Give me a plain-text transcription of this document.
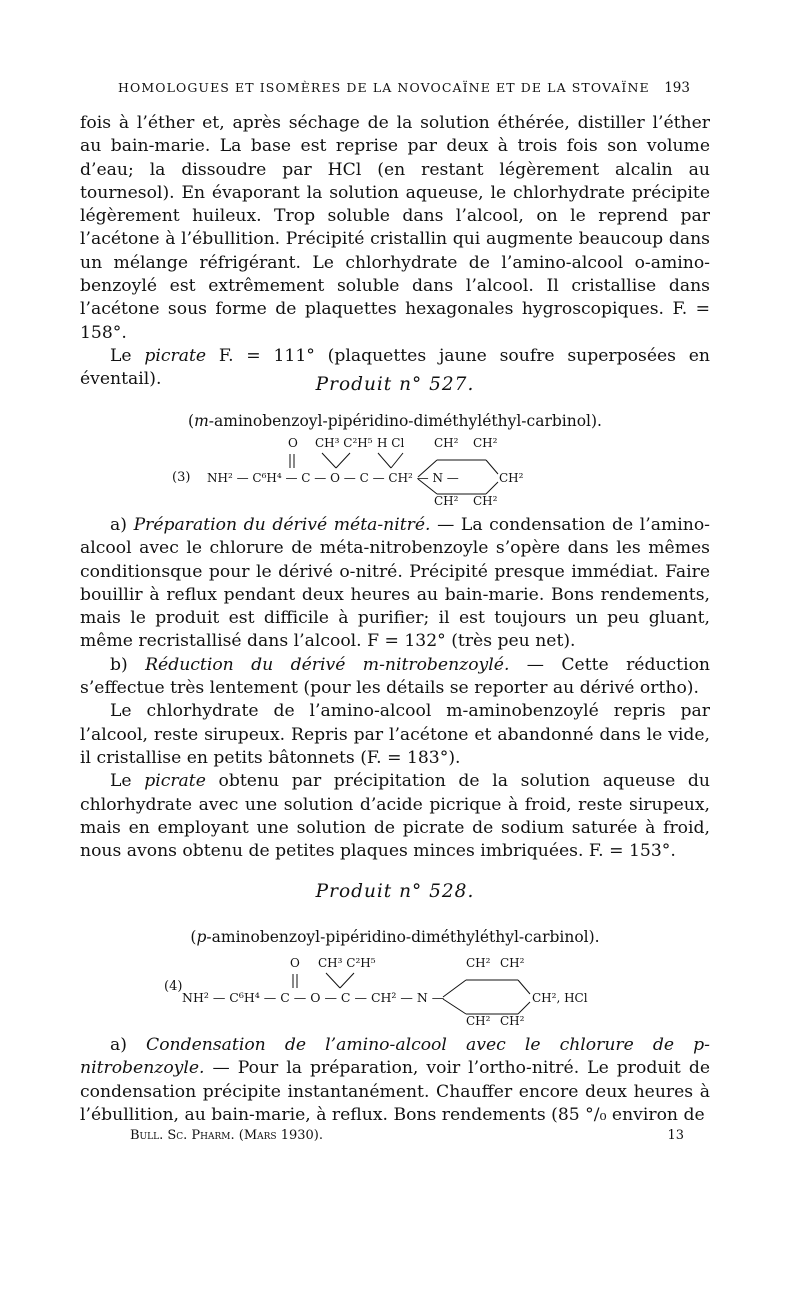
HOMOLOGUES ET ISOMÈRES DE LA NOVOCAÏNE ET DE LA STOVAÏNE 193

fois à l’éther et, après séchage de la solution éthérée, distiller l’éther au bain-marie. La base est reprise par deux à trois fois son volume d’eau; la dissoudre par HCl (en restant légèrement alcalin au tournesol). En évaporant la solution aqueuse, le chlorhydrate précipite légèrement huileux. Trop soluble dans l’alcool, on le reprend par l’acétone à l’ébullition. Précipité cristallin qui augmente beaucoup dans un mélange réfrigérant. Le chlorhydrate de l’amino-alcool o-amino-benzoylé est extrêmement soluble dans l’alcool. Il cristallise dans l’acétone sous forme de plaquettes hexagonales hygroscopiques. F. = 158°.

Le picrate F. = 111° (plaquettes jaune soufre superposées en éventail).	Produit n° 527.

(m-aminobenzoyl-pipéridino-diméthyléthyl-carbinol).

(3)
O CH³ C²H⁵ H Cl CH² CH²
NH² — C⁶H⁴ — C — O — C — CH² — N —	CH²
CH² CH²

a) Préparation du dérivé méta-nitré. — La condensation de l’amino-alcool avec le chlorure de méta-nitrobenzoyle s’opère dans les mêmes conditionsque pour le dérivé o-nitré. Précipité presque immédiat. Faire bouillir à reflux pendant deux heures au bain-marie. Bons rendements, mais le produit est difficile à purifier; il est toujours un peu gluant, même recristallisé dans l’alcool. F = 132° (très peu net).

b) Réduction du dérivé m-nitrobenzoylé. — Cette réduction s’effectue très lentement (pour les détails se reporter au dérivé ortho).

Le chlorhydrate de l’amino-alcool m-aminobenzoylé repris par l’alcool, reste sirupeux. Repris par l’acétone et abandonné dans le vide, il cristallise en petits bâtonnets (F. = 183°).

Le picrate obtenu par précipitation de la solution aqueuse du chlorhydrate avec une solution d’acide picrique à froid, reste sirupeux, mais en employant une solution de picrate de sodium saturée à froid, nous avons obtenu de petites plaques minces imbriquées. F. = 153°.

Produit n° 528.

(p-aminobenzoyl-pipéridino-diméthyléthyl-carbinol).

(4)
O CH³ C²H⁵	CH² CH²
NH² — C⁶H⁴ — C — O — C — CH² — N —	CH², HCl
CH² CH²

a) Condensation de l’amino-alcool avec le chlorure de p-nitrobenzoyle. — Pour la préparation, voir l’ortho-nitré. Le produit de condensation précipite instantanément. Chauffer encore deux heures à l’ébullition, au bain-marie, à reflux. Bons rendements (85 °/₀ environ de

Bull. Sc. Pharm. (Mars 1930).	13
